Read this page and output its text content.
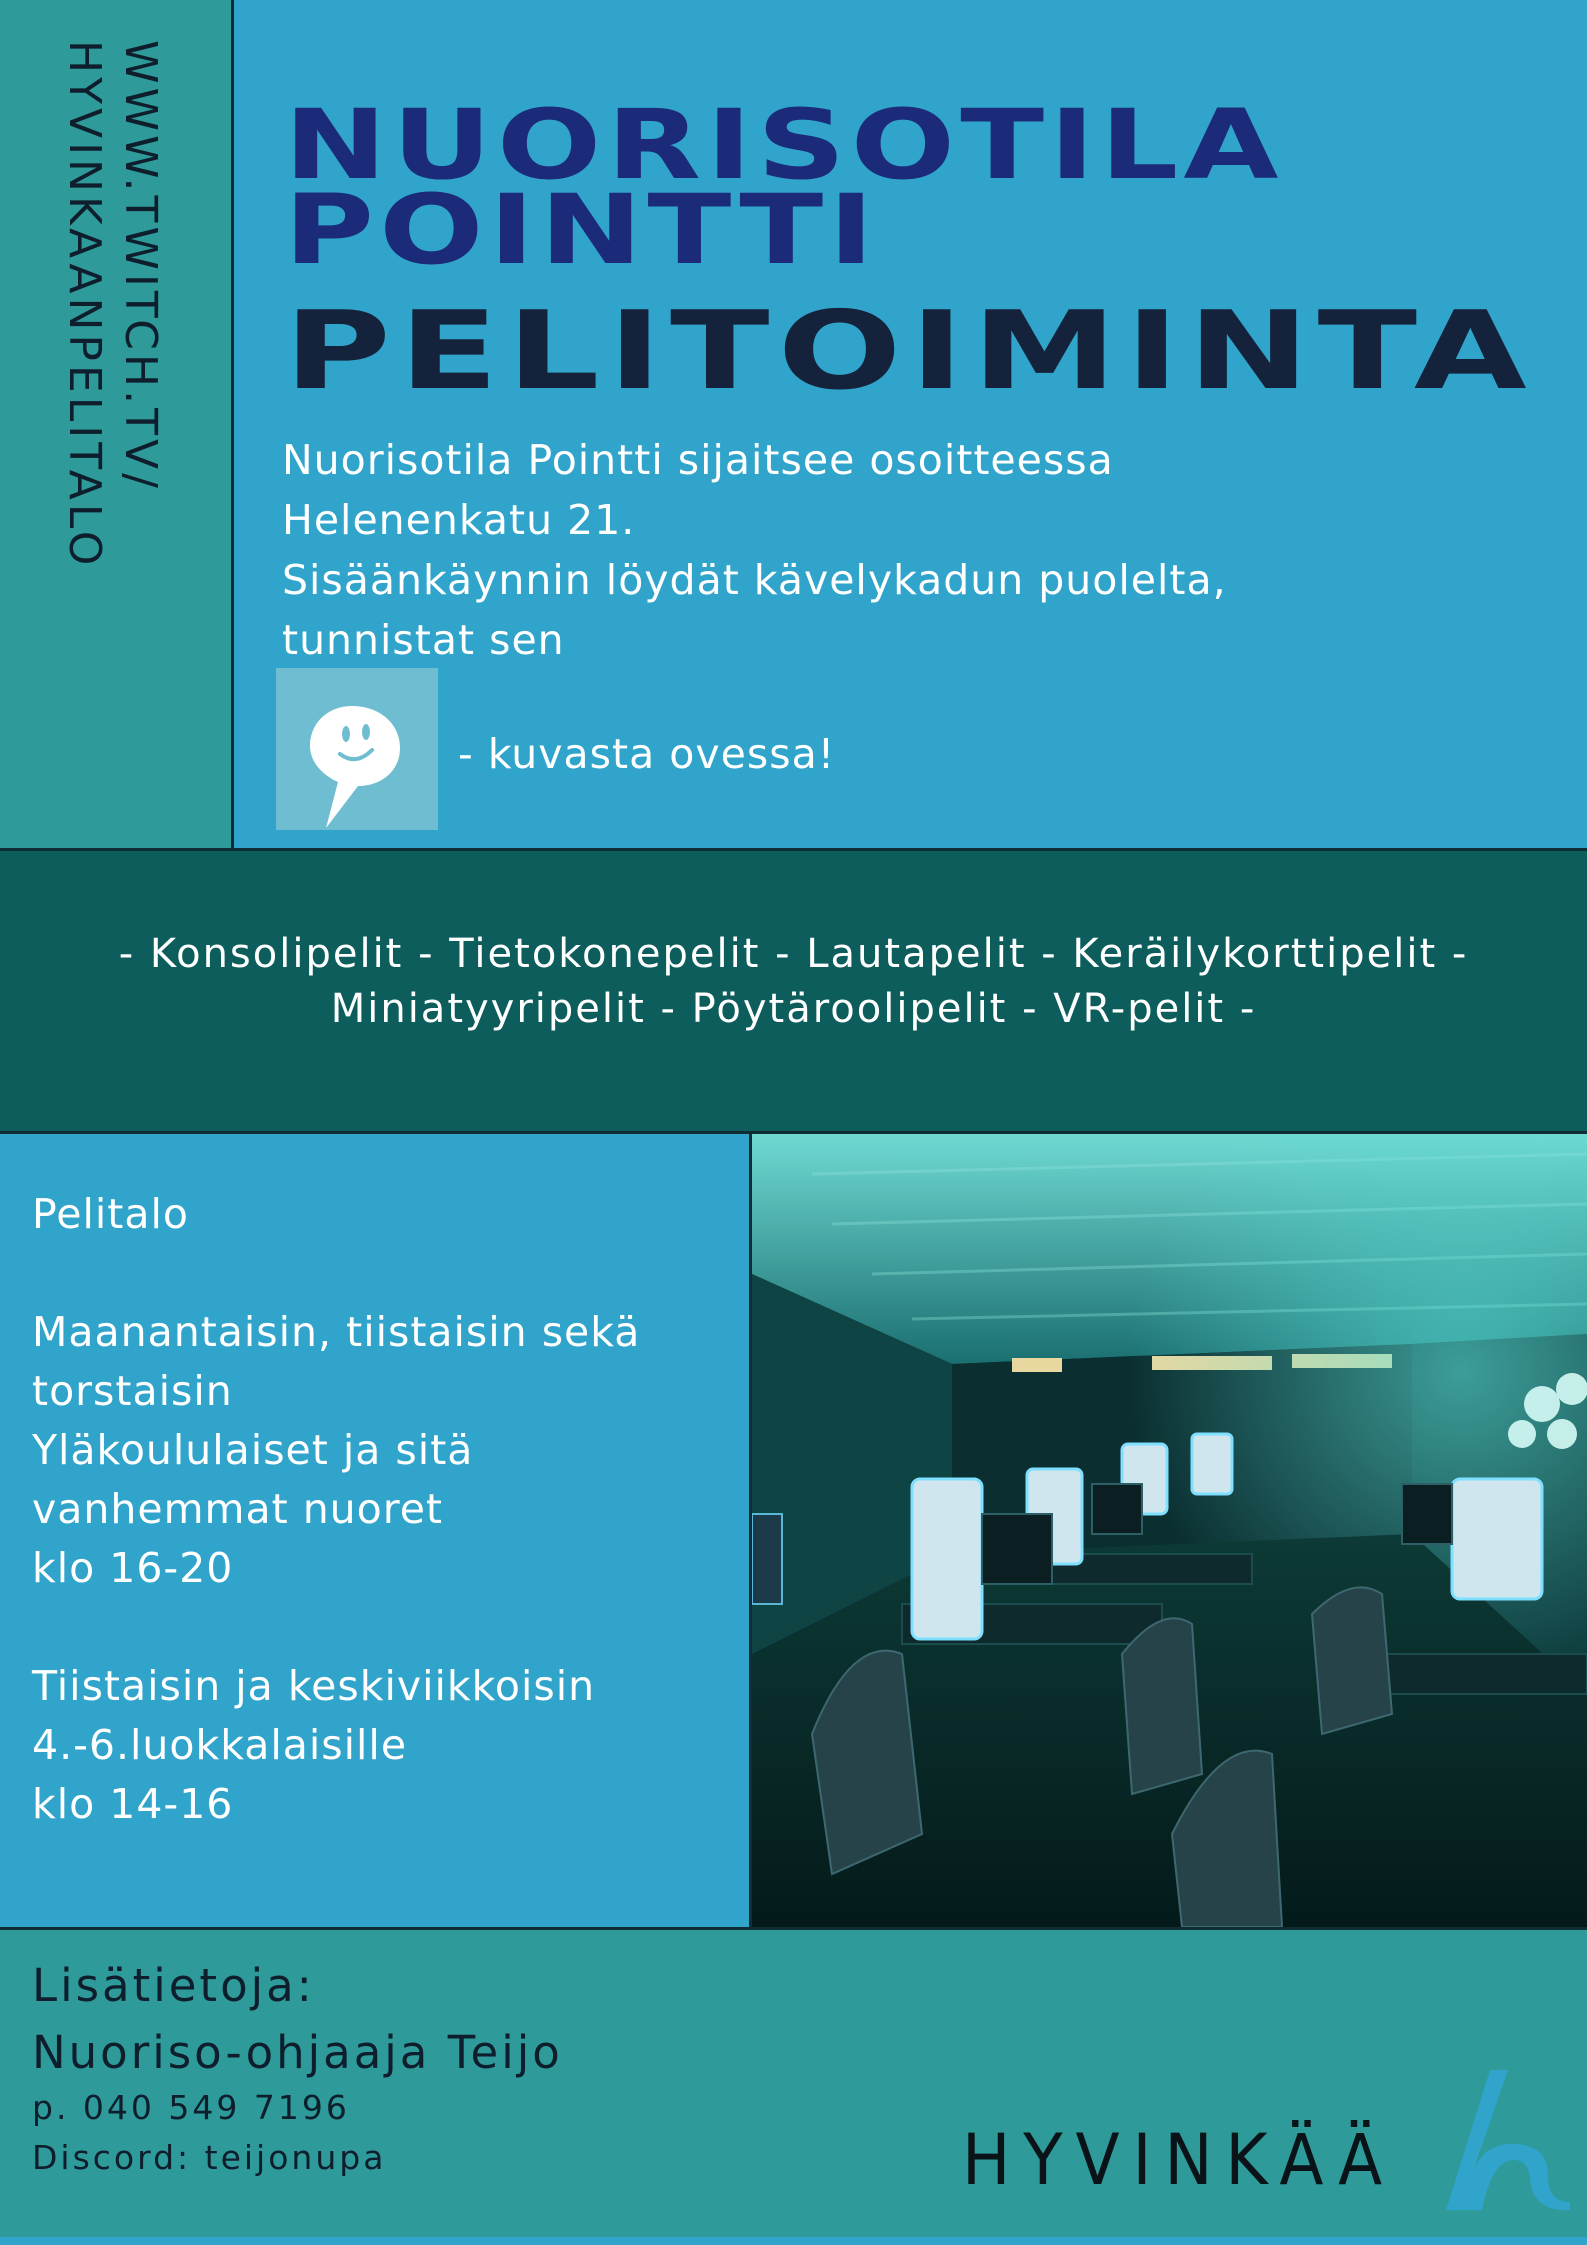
WWW.TWITCH.TV/
HYVINKAANPELITALO NUORISOTILA
POINTTI
PELITOIMINTA
Nuorisotila Pointti sijaitsee osoitteessa
Helenenkatu 21.
Sisäänkäynnin löydät kävelykadun puolelta,
tunnistat sen
- kuvasta ovessa!
- Konsolipelit - Tietokonepelit - Lautapelit - Keräilykorttipelit -
Miniatyyripelit - Pöytäroolipelit - VR-pelit -
Pelitalo
Maanantaisin, tiistaisin sekä
torstaisin
Yläkoululaiset ja sitä
vanhemmat nuoret
klo 16-20
Tiistaisin ja keskiviikkoisin
4.-6.luokkalaisille
klo 14-16
Lisätietoja:
Nuoriso-ohjaaja Teijo
p. 040 549 7196
Discord: teijonupa	HYVINKÄÄ
